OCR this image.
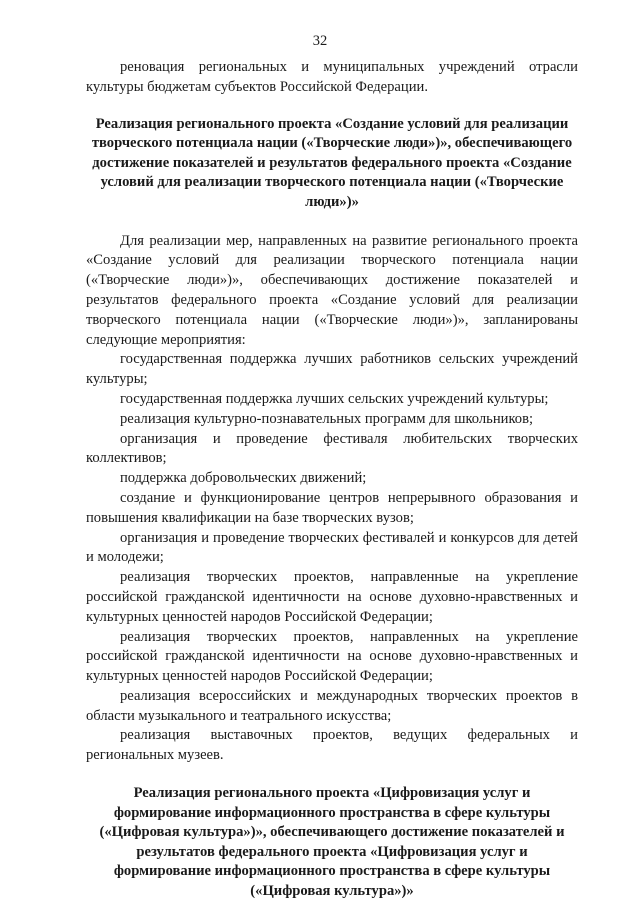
32

реновация региональных и муниципальных учреждений отрасли культуры бюджетам субъектов Российской Федерации.

Реализация регионального проекта «Создание условий для реализации творческого потенциала нации («Творческие люди»)», обеспечивающего достижение показателей и результатов федерального проекта «Создание условий для реализации творческого потенциала нации («Творческие люди»)»

Для реализации мер, направленных на развитие регионального проекта «Создание условий для реализации творческого потенциала нации («Творческие люди»)», обеспечивающих достижение показателей и результатов федерального проекта «Создание условий для реализации творческого потенциала нации («Творческие люди»)», запланированы следующие мероприятия:

государственная поддержка лучших работников сельских учреждений культуры;

государственная поддержка лучших сельских учреждений культуры;

реализация культурно-познавательных программ для школьников;

организация и проведение фестиваля любительских творческих коллективов;

поддержка добровольческих движений;

создание и функционирование центров непрерывного образования и повышения квалификации на базе творческих вузов;

организация и проведение творческих фестивалей и конкурсов для детей и молодежи;

реализация творческих проектов, направленные на укрепление российской гражданской идентичности на основе духовно-нравственных и культурных ценностей народов Российской Федерации;

реализация творческих проектов, направленных на укрепление российской гражданской идентичности на основе духовно-нравственных и культурных ценностей народов Российской Федерации;

реализация всероссийских и международных творческих проектов в области музыкального и театрального искусства;

реализация выставочных проектов, ведущих федеральных и региональных музеев.

Реализация регионального проекта «Цифровизация услуг и формирование информационного пространства в сфере культуры («Цифровая культура»)», обеспечивающего достижение показателей и результатов федерального проекта «Цифровизация услуг и формирование информационного пространства в сфере культуры («Цифровая культура»)»
